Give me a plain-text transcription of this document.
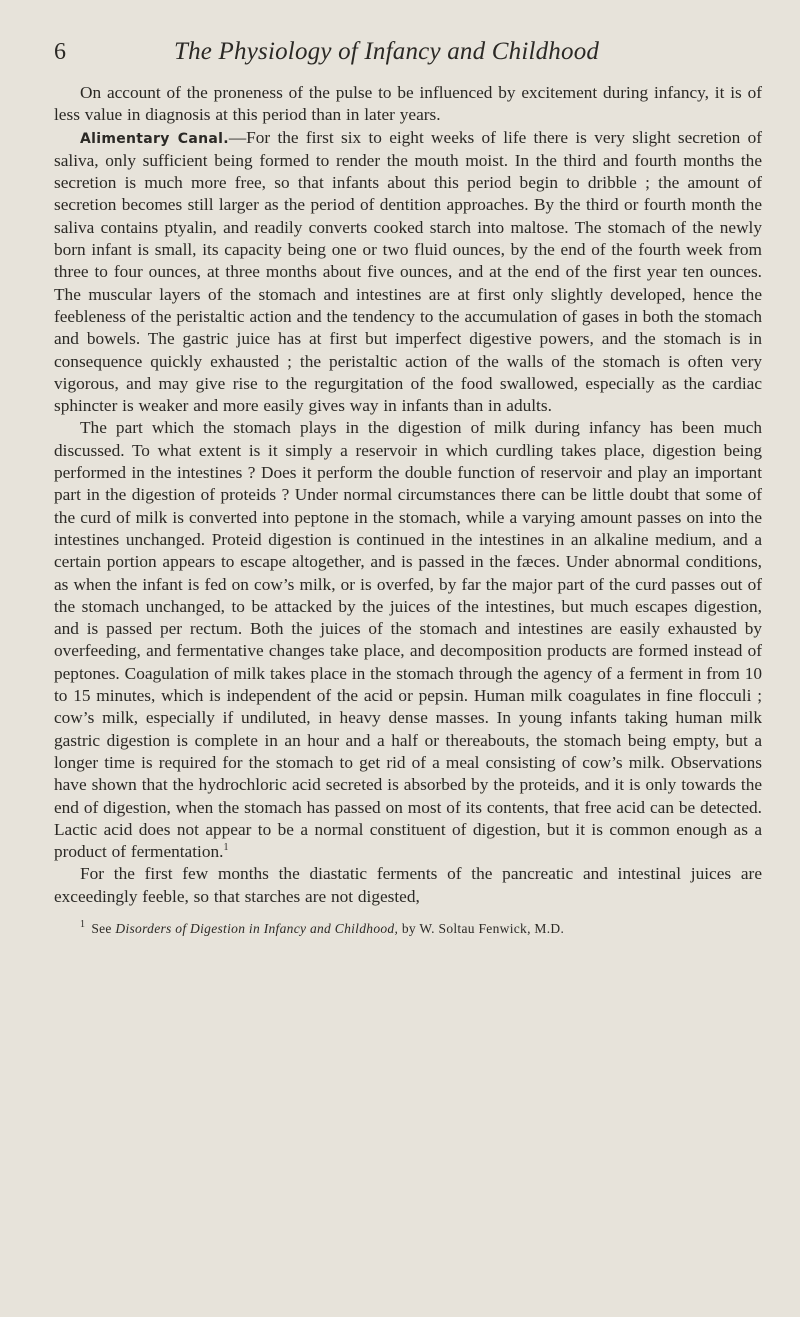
6	The Physiology of Infancy and Childhood

On account of the proneness of the pulse to be influenced by excitement during infancy, it is of less value in diagnosis at this period than in later years.

Alimentary Canal.—For the first six to eight weeks of life there is very slight secretion of saliva, only sufficient being formed to render the mouth moist. In the third and fourth months the secretion is much more free, so that infants about this period begin to dribble ; the amount of secretion becomes still larger as the period of dentition approaches. By the third or fourth month the saliva contains ptyalin, and readily converts cooked starch into maltose. The stomach of the newly born infant is small, its capacity being one or two fluid ounces, by the end of the fourth week from three to four ounces, at three months about five ounces, and at the end of the first year ten ounces. The muscular layers of the stomach and intestines are at first only slightly developed, hence the feebleness of the peristaltic action and the tendency to the accumulation of gases in both the stomach and bowels. The gastric juice has at first but imperfect digestive powers, and the stomach is in consequence quickly exhausted ; the peristaltic action of the walls of the stomach is often very vigorous, and may give rise to the regurgitation of the food swallowed, especially as the cardiac sphincter is weaker and more easily gives way in infants than in adults.

The part which the stomach plays in the digestion of milk during infancy has been much discussed. To what extent is it simply a reservoir in which curdling takes place, digestion being performed in the intestines ? Does it perform the double function of reservoir and play an important part in the digestion of proteids ? Under normal circumstances there can be little doubt that some of the curd of milk is converted into peptone in the stomach, while a varying amount passes on into the intestines unchanged. Proteid digestion is continued in the intestines in an alkaline medium, and a certain portion appears to escape altogether, and is passed in the fæces. Under abnormal conditions, as when the infant is fed on cow’s milk, or is overfed, by far the major part of the curd passes out of the stomach unchanged, to be attacked by the juices of the intestines, but much escapes digestion, and is passed per rectum. Both the juices of the stomach and intestines are easily exhausted by overfeeding, and fermentative changes take place, and decomposition products are formed instead of peptones. Coagulation of milk takes place in the stomach through the agency of a ferment in from 10 to 15 minutes, which is independent of the acid or pepsin. Human milk coagulates in fine flocculi ; cow’s milk, especially if undiluted, in heavy dense masses. In young infants taking human milk gastric digestion is complete in an hour and a half or thereabouts, the stomach being empty, but a longer time is required for the stomach to get rid of a meal consisting of cow’s milk. Observations have shown that the hydrochloric acid secreted is absorbed by the proteids, and it is only towards the end of digestion, when the stomach has passed on most of its contents, that free acid can be detected. Lactic acid does not appear to be a normal constituent of digestion, but it is common enough as a product of fermentation.$^1$

For the first few months the diastatic ferments of the pancreatic and intestinal juices are exceedingly feeble, so that starches are not digested,

$^1$ See Disorders of Digestion in Infancy and Childhood, by W. Soltau Fenwick, M.D.
